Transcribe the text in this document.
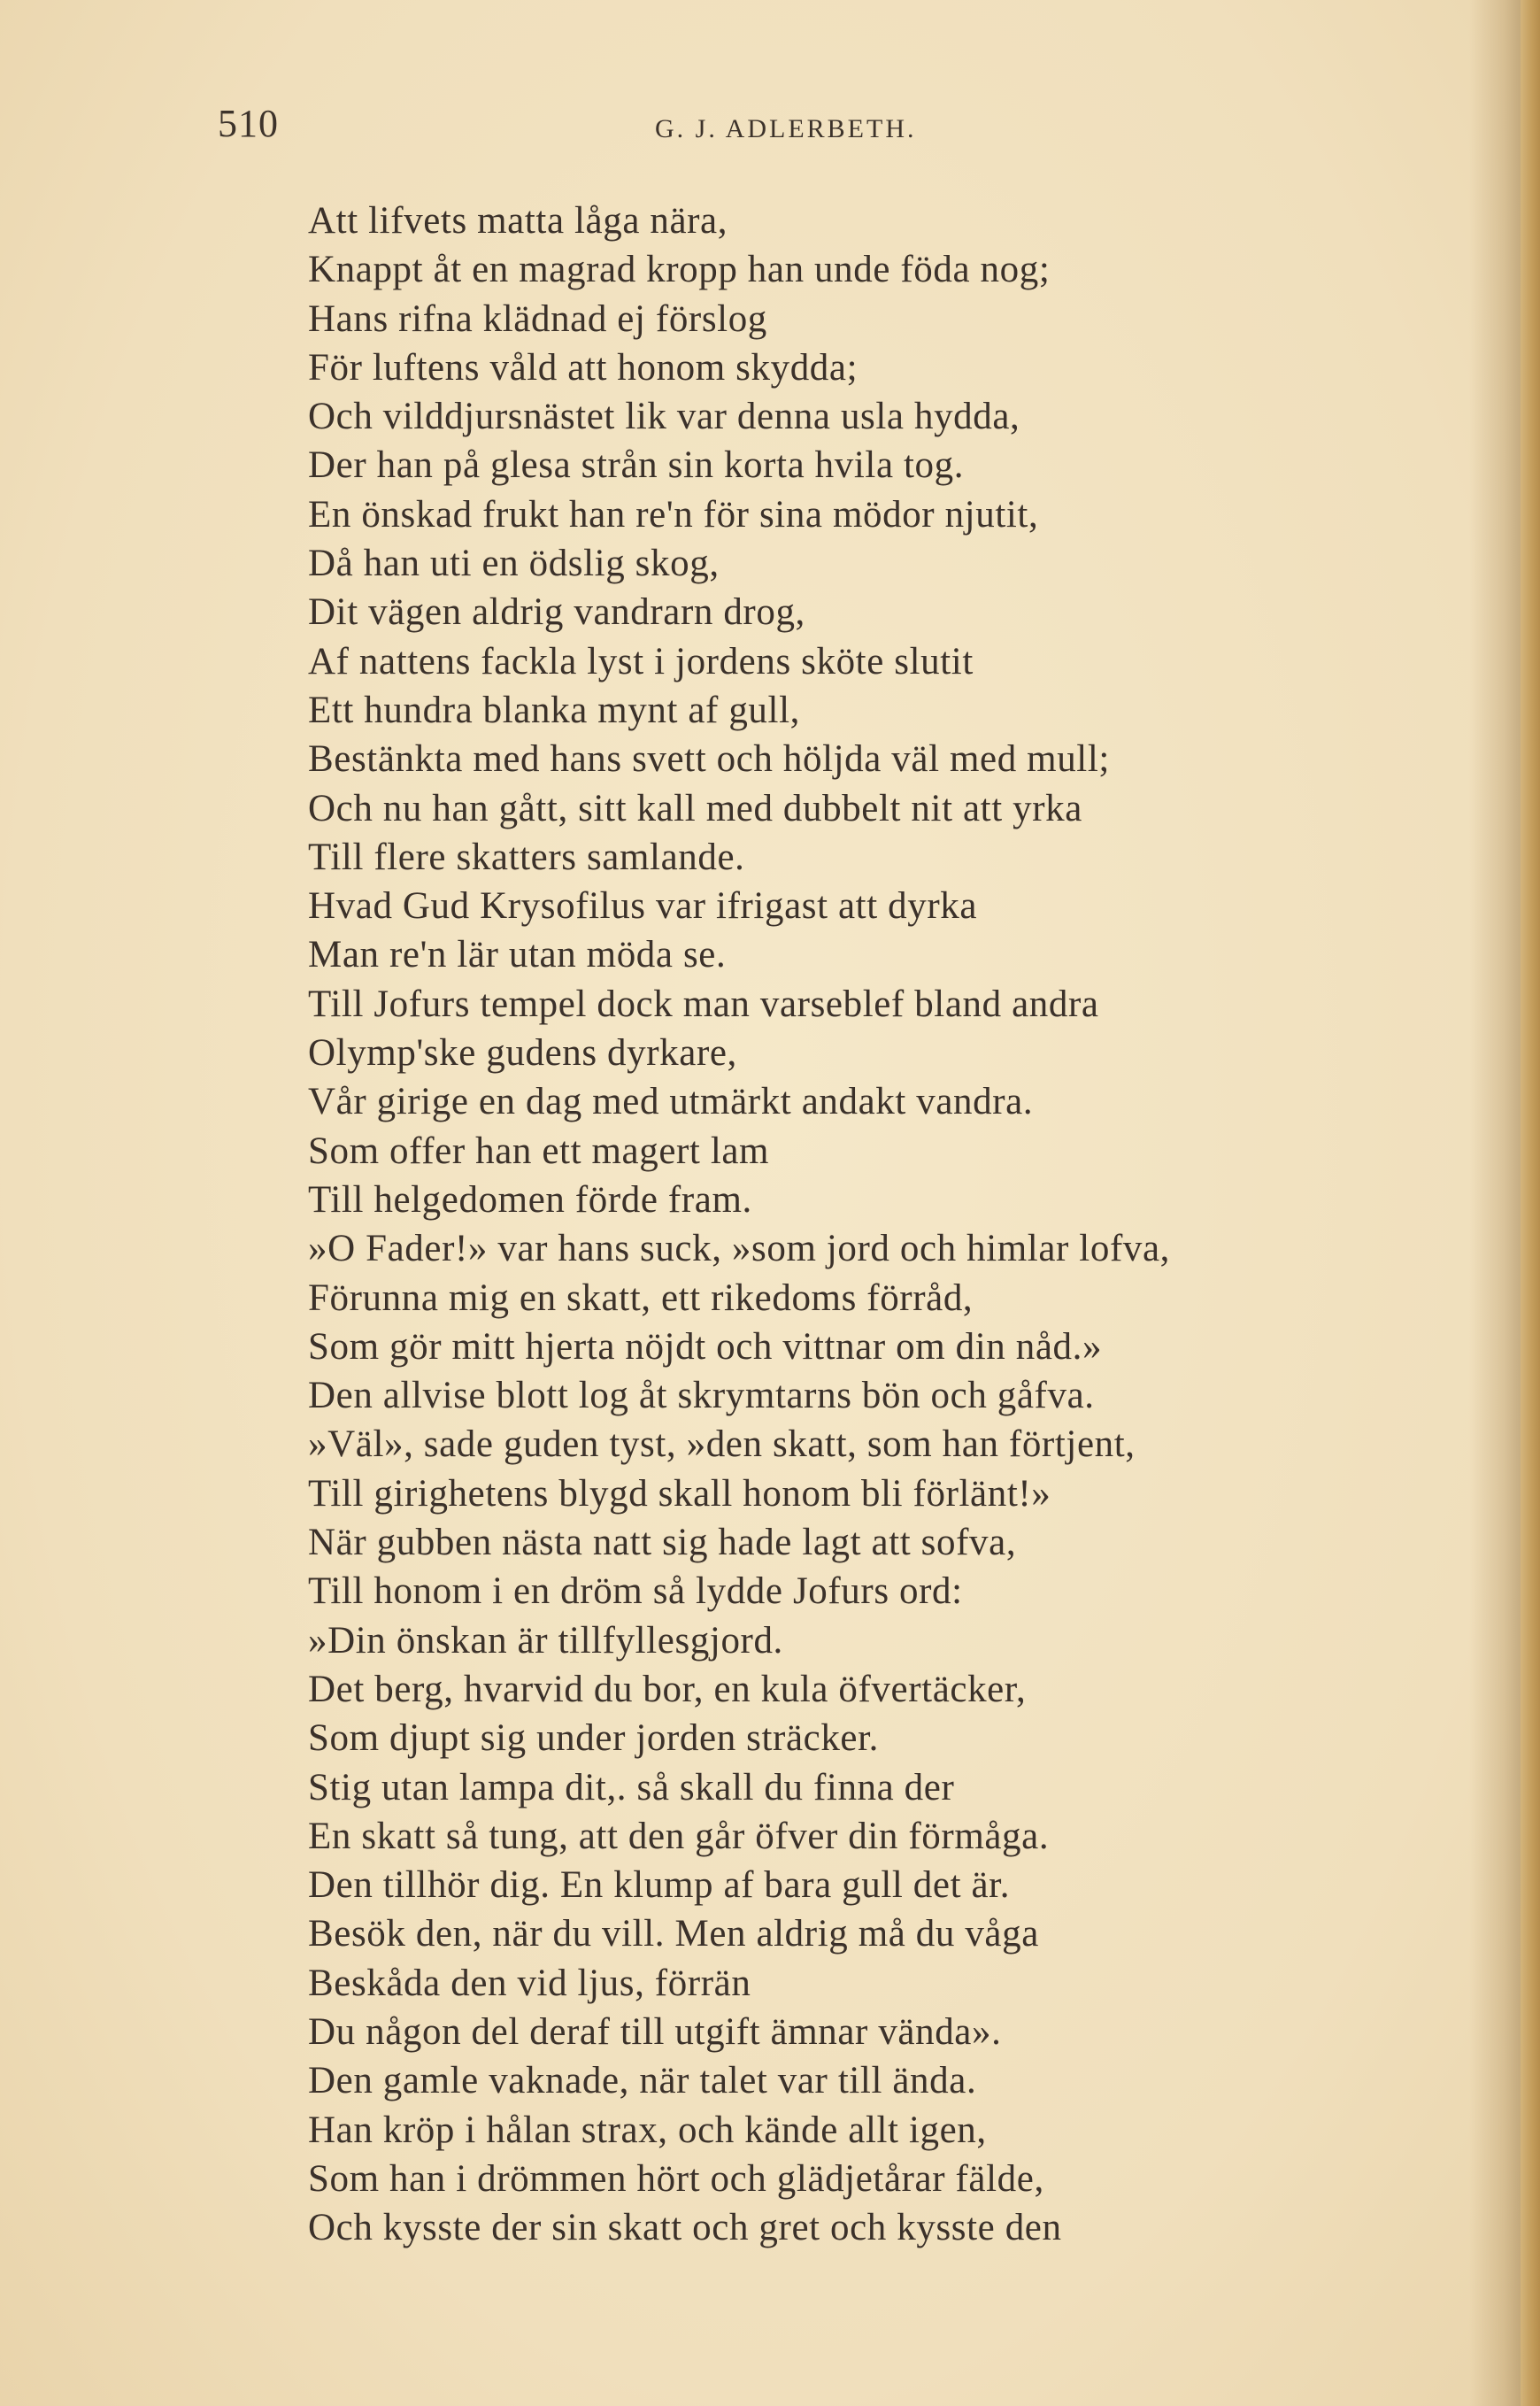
510	G. J. ADLERBETH.
Att lifvets matta låga nära,
Knappt åt en magrad kropp han unde föda nog;
Hans rifna klädnad ej förslog
För luftens våld att honom skydda;
Och vilddjursnästet lik var denna usla hydda,
Der han på glesa strån sin korta hvila tog.
En önskad frukt han re'n för sina mödor njutit,
Då han uti en ödslig skog,
Dit vägen aldrig vandrarn drog,
Af nattens fackla lyst i jordens sköte slutit
Ett hundra blanka mynt af gull,
Bestänkta med hans svett och höljda väl med mull;
Och nu han gått, sitt kall med dubbelt nit att yrka
Till flere skatters samlande.
Hvad Gud Krysofilus var ifrigast att dyrka
Man re'n lär utan möda se.
Till Jofurs tempel dock man varseblef bland andra
Olymp'ske gudens dyrkare,
Vår girige en dag med utmärkt andakt vandra.
Som offer han ett magert lam
Till helgedomen förde fram.
»O Fader!» var hans suck, »som jord och himlar lofva,
Förunna mig en skatt, ett rikedoms förråd,
Som gör mitt hjerta nöjdt och vittnar om din nåd.»
Den allvise blott log åt skrymtarns bön och gåfva.
»Väl», sade guden tyst, »den skatt, som han förtjent,
Till girighetens blygd skall honom bli förlänt!»
När gubben nästa natt sig hade lagt att sofva,
Till honom i en dröm så lydde Jofurs ord:
»Din önskan är tillfyllesgjord.
Det berg, hvarvid du bor, en kula öfvertäcker,
Som djupt sig under jorden sträcker.
Stig utan lampa dit,. så skall du finna der
En skatt så tung, att den går öfver din förmåga.
Den tillhör dig. En klump af bara gull det är.
Besök den, när du vill. Men aldrig må du våga
Beskåda den vid ljus, förrän
Du någon del deraf till utgift ämnar vända».
Den gamle vaknade, när talet var till ända.
Han kröp i hålan strax, och kände allt igen,
Som han i drömmen hört och glädjetårar fälde,
Och kysste der sin skatt och gret och kysste den
